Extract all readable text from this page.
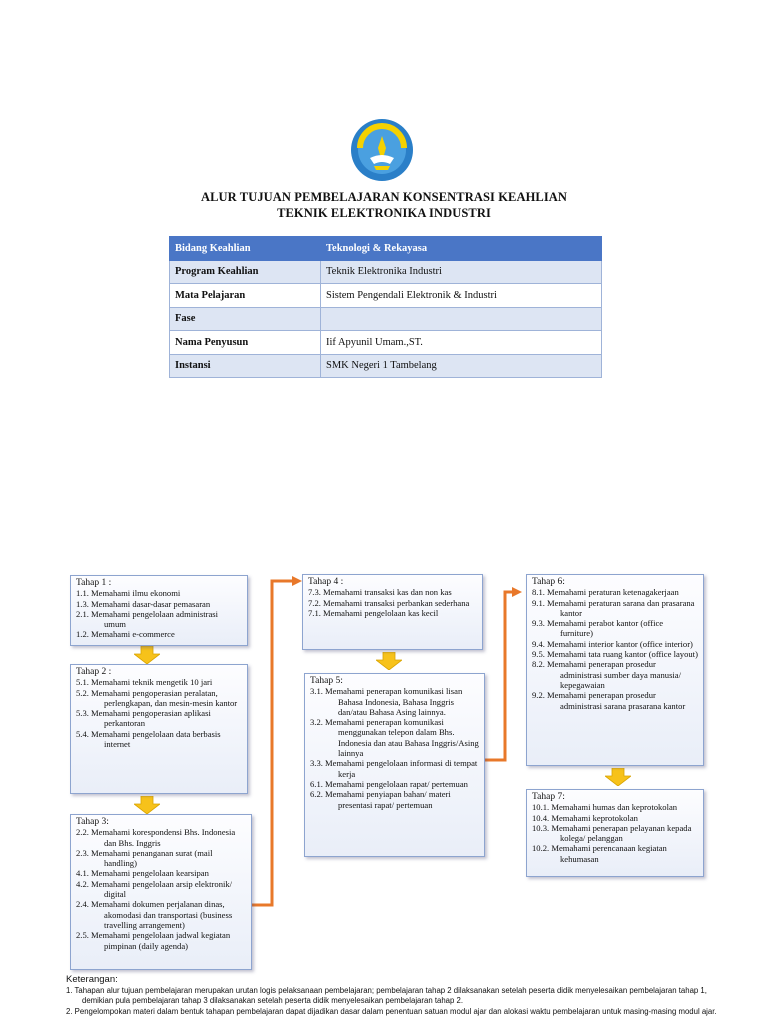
ALUR TUJUAN PEMBELAJARAN KONSENTRASI KEAHLIAN
TEKNIK ELEKTRONIKA INDUSTRI
Bidang Keahlian	Teknologi & Rekayasa
Program Keahlian	Teknik Elektronika Industri
Mata Pelajaran	Sistem Pengendali Elektronik & Industri
Fase	
Nama Penyusun	Iif Apyunil Umam.,ST.
Instansi	SMK Negeri 1 Tambelang
Tahap 1 :
1.1. Memahami ilmu ekonomi
1.3. Memahami dasar-dasar pemasaran
2.1. Memahami pengelolaan administrasi umum
1.2. Memahami e-commerce
Tahap 2 :
5.1. Memahami teknik mengetik 10 jari
5.2. Memahami pengoperasian peralatan, perlengkapan, dan mesin-mesin kantor
5.3. Memahami pengoperasian aplikasi perkantoran
5.4. Memahami pengelolaan data berbasis internet
Tahap 3:
2.2. Memahami korespondensi Bhs. Indonesia dan Bhs. Inggris
2.3. Memahami penanganan surat (mail handling)
4.1. Memahami pengelolaan kearsipan
4.2. Memahami pengelolaan arsip elektronik/ digital
2.4. Memahami dokumen perjalanan dinas, akomodasi dan transportasi (business travelling arrangement)
2.5. Memahami pengelolaan jadwal kegiatan pimpinan (daily agenda)
Tahap 4 :
7.3. Memahami transaksi kas dan non kas
7.2. Memahami transaksi perbankan sederhana
7.1. Memahami pengelolaan kas kecil
Tahap 5:
3.1. Memahami penerapan komunikasi lisan Bahasa Indonesia, Bahasa Inggris dan/atau Bahasa Asing lainnya.
3.2. Memahami penerapan komunikasi menggunakan telepon dalam Bhs. Indonesia dan atau Bahasa Inggris/Asing lainnya
3.3. Memahami pengelolaan informasi di tempat kerja
6.1. Memahami pengelolaan rapat/ pertemuan
6.2. Memahami penyiapan bahan/ materi presentasi rapat/ pertemuan
Tahap 6:
8.1. Memahami peraturan ketenagakerjaan
9.1. Memahami peraturan sarana dan prasarana kantor
9.3. Memahami perabot kantor (office furniture)
9.4. Memahami interior kantor (office interior)
9.5. Memahami tata ruang kantor (office layout)
8.2. Memahami penerapan prosedur administrasi sumber daya manusia/ kepegawaian
9.2. Memahami penerapan prosedur administrasi sarana prasarana kantor
Tahap 7:
10.1. Memahami humas dan keprotokolan
10.4. Memahami keprotokolan
10.3. Memahami penerapan pelayanan kepada kolega/ pelanggan
10.2. Memahami perencanaan kegiatan kehumasan
Keterangan:
1. Tahapan alur tujuan pembelajaran merupakan urutan logis pelaksanaan pembelajaran; pembelajaran tahap 2 dilaksanakan setelah peserta didik menyelesaikan pembelajaran tahap 1, demikian pula pembelajaran tahap 3 dilaksanakan setelah peserta didik menyelesaikan pembelajaran tahap 2.
2. Pengelompokan materi dalam bentuk tahapan pembelajaran dapat dijadikan dasar dalam penentuan satuan modul ajar dan alokasi waktu pembelajaran untuk masing-masing modul ajar.
